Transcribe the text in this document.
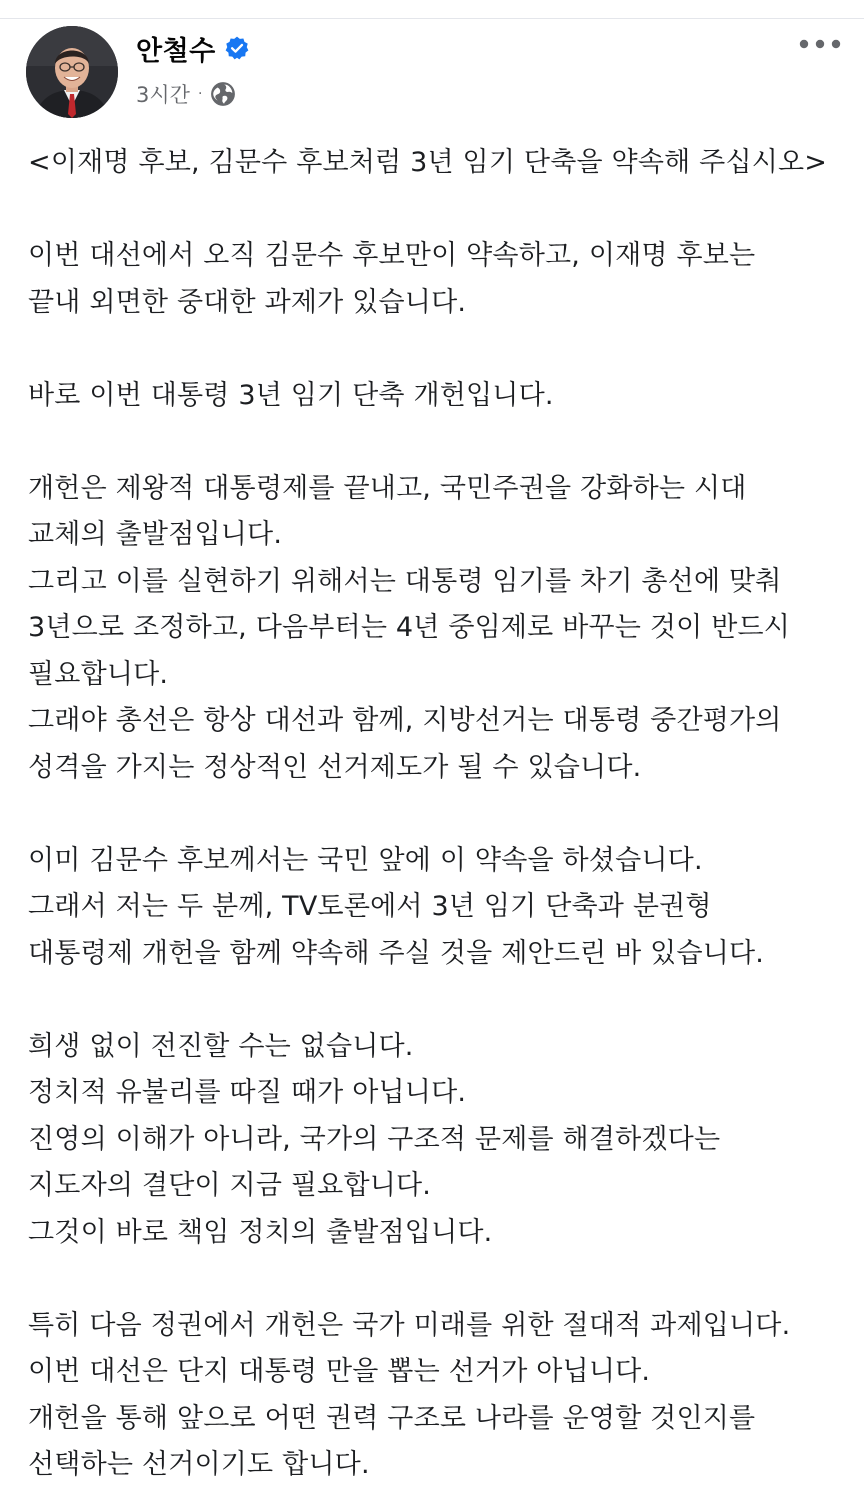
안철수
3시간 ·
<이재명 후보, 김문수 후보처럼 3년 임기 단축을 약속해 주십시오>
이번 대선에서 오직 김문수 후보만이 약속하고, 이재명 후보는
끝내 외면한 중대한 과제가 있습니다.
바로 이번 대통령 3년 임기 단축 개헌입니다.
개헌은 제왕적 대통령제를 끝내고, 국민주권을 강화하는 시대
교체의 출발점입니다.
그리고 이를 실현하기 위해서는 대통령 임기를 차기 총선에 맞춰
3년으로 조정하고, 다음부터는 4년 중임제로 바꾸는 것이 반드시
필요합니다.
그래야 총선은 항상 대선과 함께, 지방선거는 대통령 중간평가의
성격을 가지는 정상적인 선거제도가 될 수 있습니다.
이미 김문수 후보께서는 국민 앞에 이 약속을 하셨습니다.
그래서 저는 두 분께, TV토론에서 3년 임기 단축과 분권형
대통령제 개헌을 함께 약속해 주실 것을 제안드린 바 있습니다.
희생 없이 전진할 수는 없습니다.
정치적 유불리를 따질 때가 아닙니다.
진영의 이해가 아니라, 국가의 구조적 문제를 해결하겠다는
지도자의 결단이 지금 필요합니다.
그것이 바로 책임 정치의 출발점입니다.
특히 다음 정권에서 개헌은 국가 미래를 위한 절대적 과제입니다.
이번 대선은 단지 대통령 만을 뽑는 선거가 아닙니다.
개헌을 통해 앞으로 어떤 권력 구조로 나라를 운영할 것인지를
선택하는 선거이기도 합니다.
